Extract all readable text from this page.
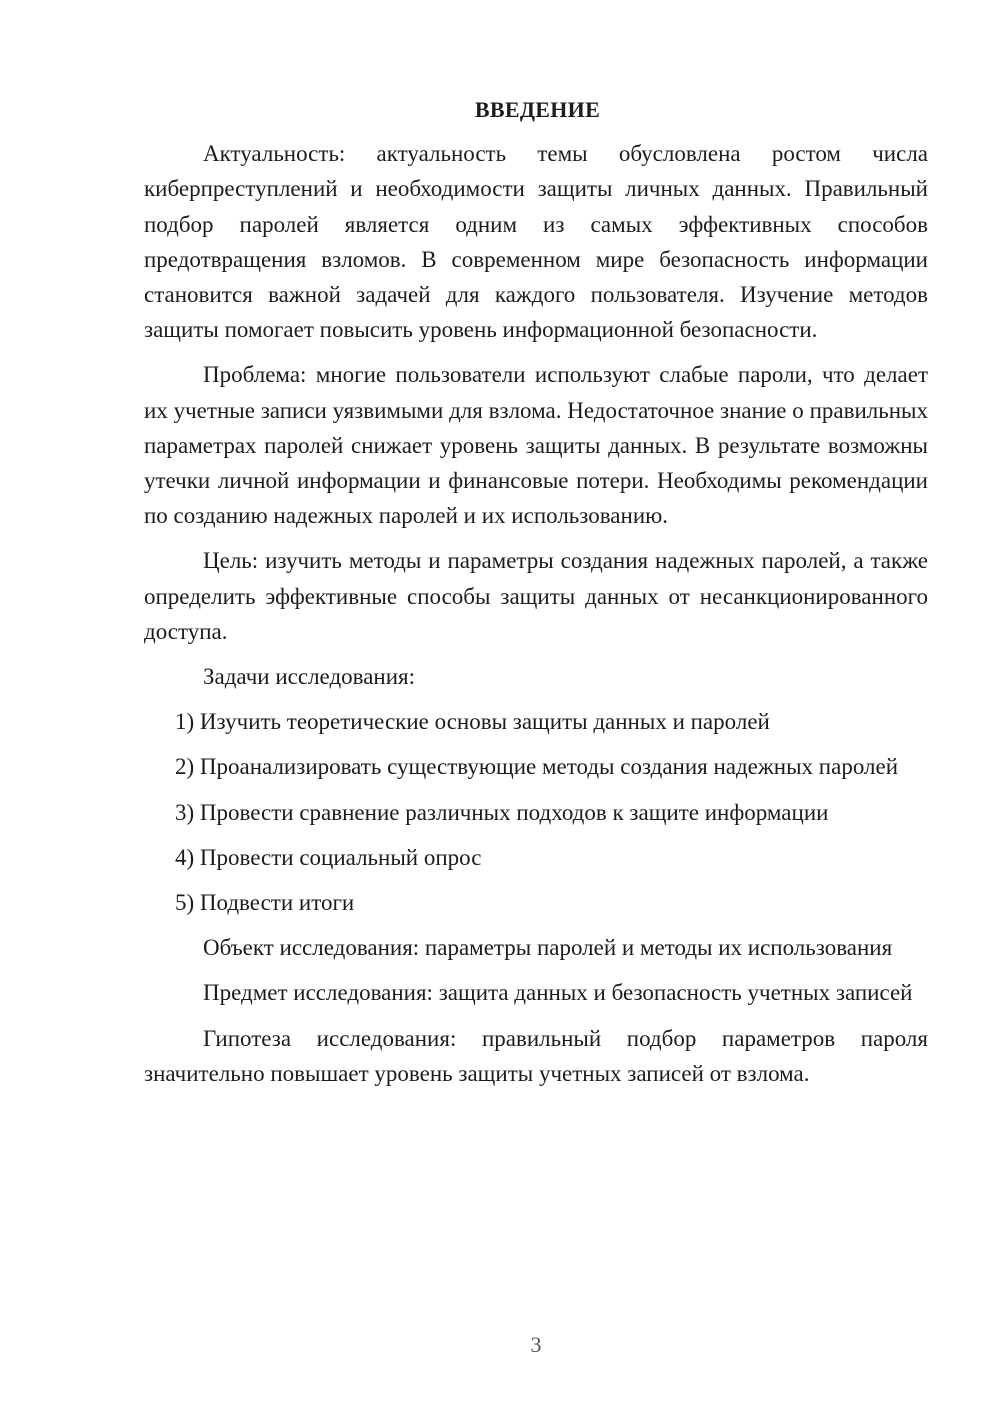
ВВЕДЕНИЕ

Актуальность: актуальность темы обусловлена ростом числа киберпреступлений и необходимости защиты личных данных. Правильный подбор паролей является одним из самых эффективных способов предотвращения взломов. В современном мире безопасность информации становится важной задачей для каждого пользователя. Изучение методов защиты помогает повысить уровень информационной безопасности.

Проблема: многие пользователи используют слабые пароли, что делает их учетные записи уязвимыми для взлома. Недостаточное знание о правильных параметрах паролей снижает уровень защиты данных. В результате возможны утечки личной информации и финансовые потери. Необходимы рекомендации по созданию надежных паролей и их использованию.

Цель: изучить методы и параметры создания надежных паролей, а также определить эффективные способы защиты данных от несанкционированного доступа.

Задачи исследования:

1) Изучить теоретические основы защиты данных и паролей

2) Проанализировать существующие методы создания надежных паролей

3) Провести сравнение различных подходов к защите информации

4) Провести социальный опрос

5) Подвести итоги

Объект исследования: параметры паролей и методы их использования

Предмет исследования: защита данных и безопасность учетных записей

Гипотеза исследования: правильный подбор параметров пароля значительно повышает уровень защиты учетных записей от взлома.

3
